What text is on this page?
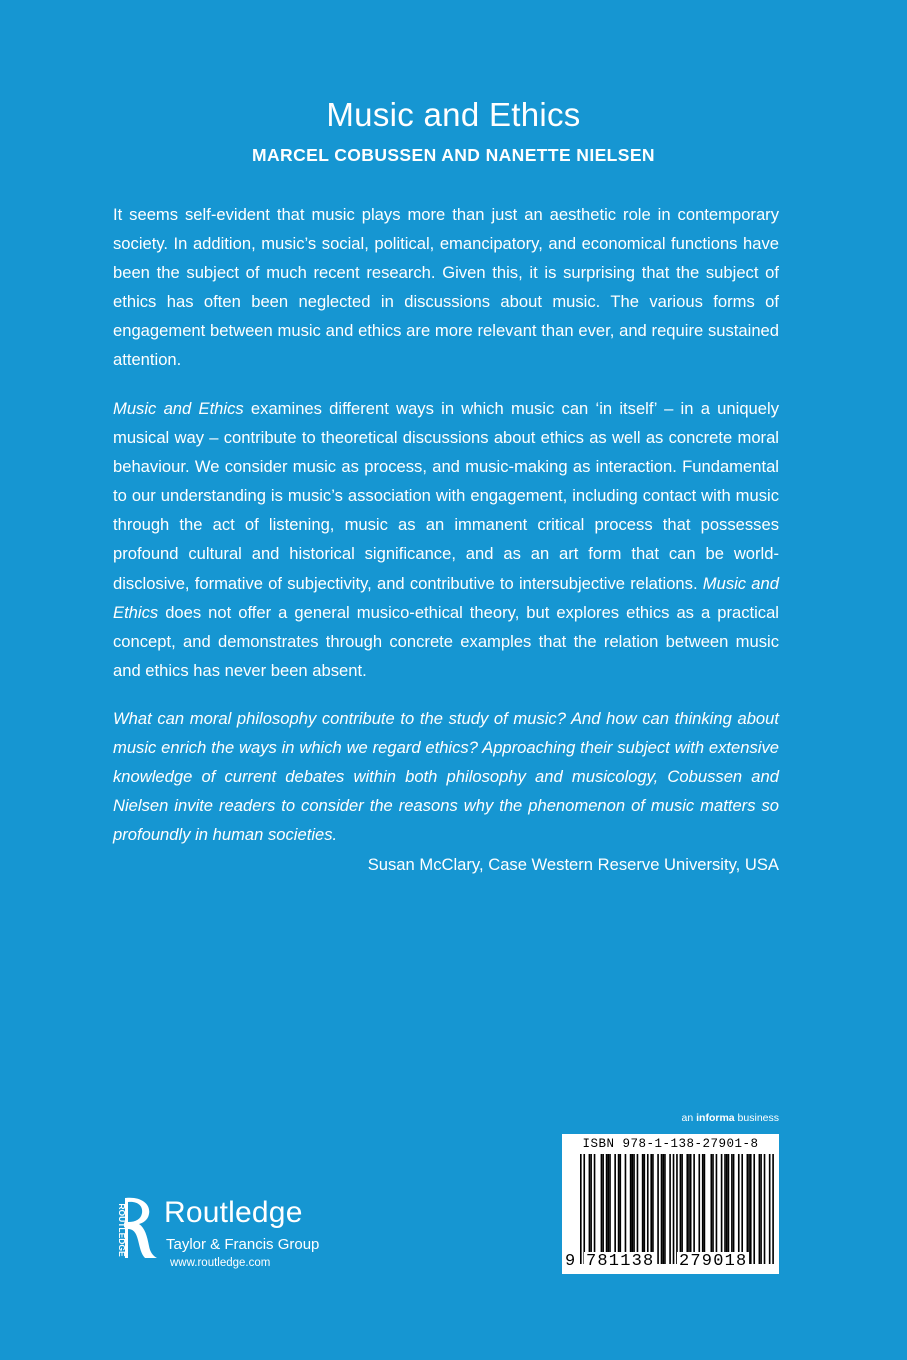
Music and Ethics
MARCEL COBUSSEN AND NANETTE NIELSEN

It seems self-evident that music plays more than just an aesthetic role in contemporary society. In addition, music’s social, political, emancipatory, and economical functions have been the subject of much recent research. Given this, it is surprising that the subject of ethics has often been neglected in discussions about music. The various forms of engagement between music and ethics are more relevant than ever, and require sustained attention.

Music and Ethics examines different ways in which music can ‘in itself’ – in a uniquely musical way – contribute to theoretical discussions about ethics as well as concrete moral behaviour. We consider music as process, and music-making as interaction. Fundamental to our understanding is music’s association with engagement, including contact with music through the act of listening, music as an immanent critical process that possesses profound cultural and historical significance, and as an art form that can be world-disclosive, formative of subjectivity, and contributive to intersubjective relations. Music and Ethics does not offer a general musico-ethical theory, but explores ethics as a practical concept, and demonstrates through concrete examples that the relation between music and ethics has never been absent.

What can moral philosophy contribute to the study of music? And how can thinking about music enrich the ways in which we regard ethics? Approaching their subject with extensive knowledge of current debates within both philosophy and musicology, Cobussen and Nielsen invite readers to consider the reasons why the phenomenon of music matters so profoundly in human societies.

Susan McClary, Case Western Reserve University, USA
an informa business
ROUTLEDGE Routledge
Taylor & Francis Group
www.routledge.com
ISBN 978-1-138-27901-8
9 781138 279018
